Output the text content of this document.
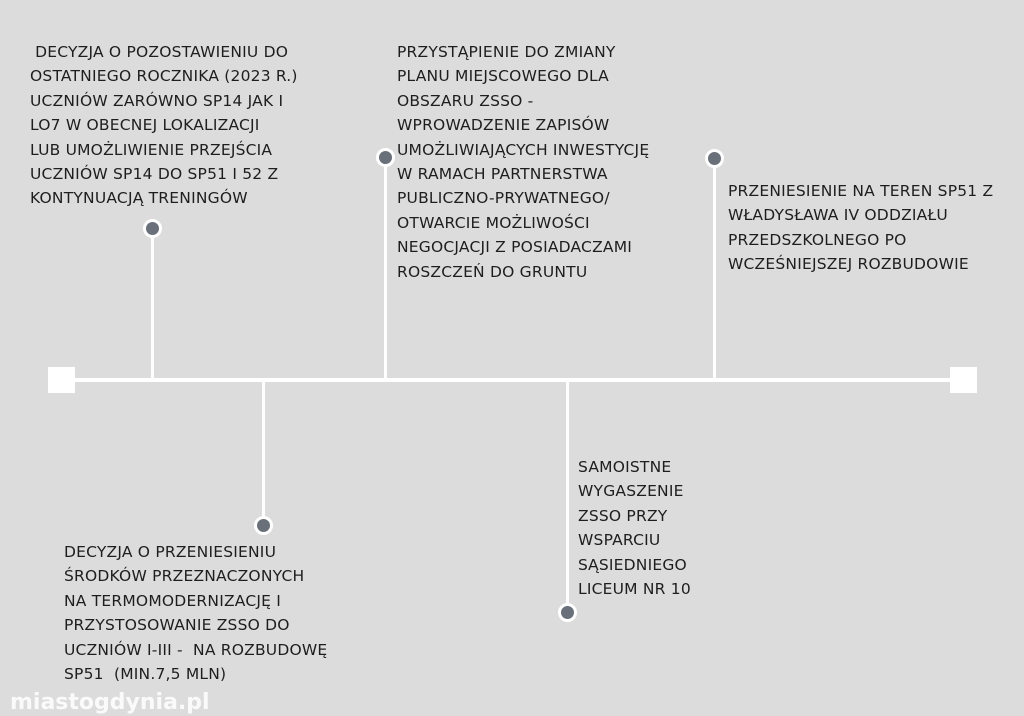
DECYZJA O POZOSTAWIENIU DO
OSTATNIEGO ROCZNIKA (2023 R.)
UCZNIÓW ZARÓWNO SP14 JAK I
LO7 W OBECNEJ LOKALIZACJI
LUB UMOŻLIWIENIE PRZEJŚCIA
UCZNIÓW SP14 DO SP51 I 52 Z
KONTYNUACJĄ TRENINGÓW
DECYZJA O PRZENIESIENIU
ŚRODKÓW PRZEZNACZONYCH
NA TERMOMODERNIZACJĘ I
PRZYSTOSOWANIE ZSSO DO
UCZNIÓW I-III -  NA ROZBUDOWĘ
SP51  (MIN.7,5 MLN)
PRZYSTĄPIENIE DO ZMIANY
PLANU MIEJSCOWEGO DLA
OBSZARU ZSSO -
WPROWADZENIE ZAPISÓW
UMOŻLIWIAJĄCYCH INWESTYCJĘ
W RAMACH PARTNERSTWA
PUBLICZNO-PRYWATNEGO/
OTWARCIE MOŻLIWOŚCI
NEGOCJACJI Z POSIADACZAMI
ROSZCZEŃ DO GRUNTU
SAMOISTNE
WYGASZENIE
ZSSO PRZY
WSPARCIU
SĄSIEDNIEGO
LICEUM NR 10
PRZENIESIENIE NA TEREN SP51 Z
WŁADYSŁAWA IV ODDZIAŁU
PRZEDSZKOLNEGO PO
WCZEŚNIEJSZEJ ROZBUDOWIE
miastogdynia.pl
